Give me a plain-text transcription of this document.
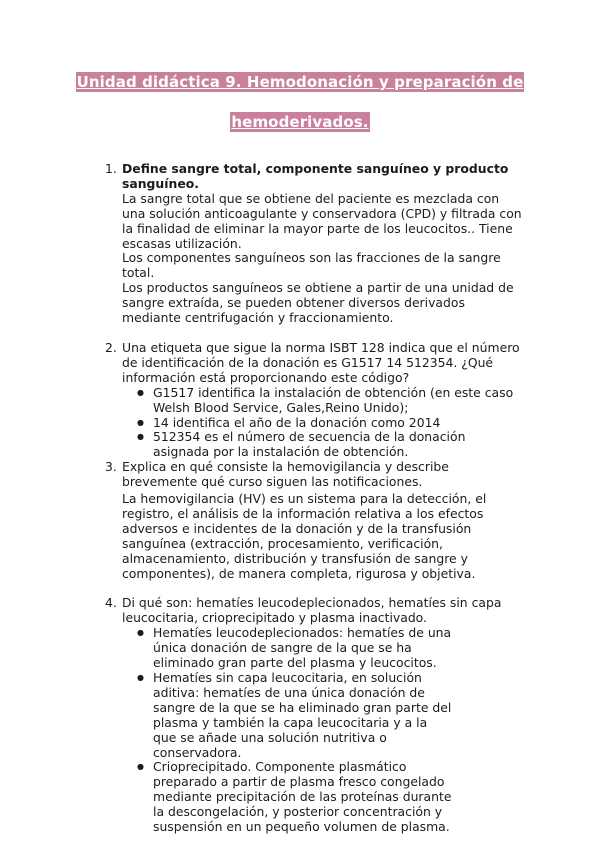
Unidad didáctica 9. Hemodonación y preparación de
hemoderivados.
1. Define sangre total, componente sanguíneo y producto sanguíneo.

La sangre total que se obtiene del paciente es mezclada con una solución anticoagulante y conservadora (CPD) y filtrada con la finalidad de eliminar la mayor parte de los leucocitos.. Tiene escasas utilización.

Los componentes sanguíneos son las fracciones de la sangre total.

Los productos sanguíneos se obtiene a partir de una unidad de sangre extraída, se pueden obtener diversos derivados mediante centrifugación y fraccionamiento.

2. Una etiqueta que sigue la norma ISBT 128 indica que el número de identificación de la donación es G1517 14 512354. ¿Qué información está proporcionando este código?

● G1517 identifica la instalación de obtención (en este caso Welsh Blood Service, Gales,Reino Unido);
● 14 identifica el año de la donación como 2014
● 512354 es el número de secuencia de la donación asignada por la instalación de obtención.
3. Explica en qué consiste la hemovigilancia y describe brevemente qué curso siguen las notificaciones.

La hemovigilancia (HV) es un sistema para la detección, el registro, el análisis de la información relativa a los efectos adversos e incidentes de la donación y de la transfusión sanguínea (extracción, procesamiento, verificación, almacenamiento, distribución y transfusión de sangre y componentes), de manera completa, rigurosa y objetiva.

4. Di qué son: hematíes leucodeplecionados, hematíes sin capa leucocitaria, crioprecipitado y plasma inactivado.

● Hematíes leucodeplecionados: hematíes de una única donación de sangre de la que se ha eliminado gran parte del plasma y leucocitos.
● Hematíes sin capa leucocitaria, en solución aditiva: hematíes de una única donación de sangre de la que se ha eliminado gran parte del plasma y también la capa leucocitaria y a la que se añade una solución nutritiva o conservadora.
● Crioprecipitado. Componente plasmático preparado a partir de plasma fresco congelado mediante precipitación de las proteínas durante la descongelación, y posterior concentración y suspensión en un pequeño volumen de plasma.
